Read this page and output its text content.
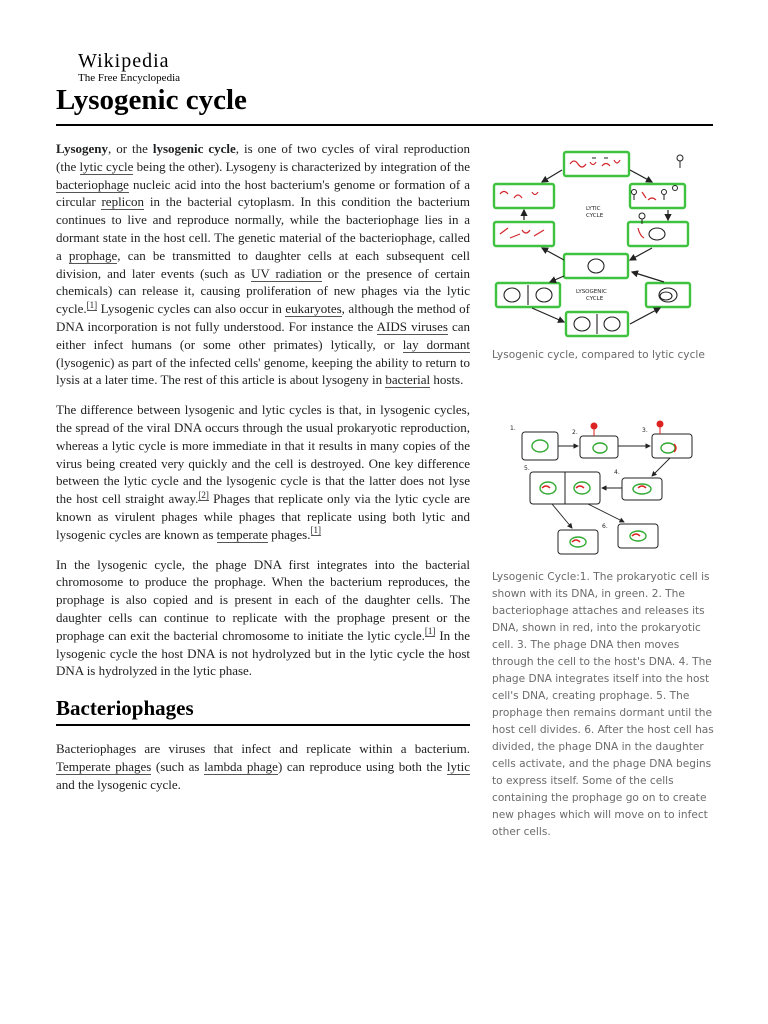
Wikipedia
The Free Encyclopedia
Lysogenic cycle

Lysogeny, or the lysogenic cycle, is one of two cycles of viral reproduction (the lytic cycle being the other). Lysogeny is characterized by integration of the bacteriophage nucleic acid into the host bacterium's genome or formation of a circular replicon in the bacterial cytoplasm. In this condition the bacterium continues to live and reproduce normally, while the bacteriophage lies in a dormant state in the host cell. The genetic material of the bacteriophage, called a prophage, can be transmitted to daughter cells at each subsequent cell division, and later events (such as UV radiation or the presence of certain chemicals) can release it, causing proliferation of new phages via the lytic cycle.[1] Lysogenic cycles can also occur in eukaryotes, although the method of DNA incorporation is not fully understood. For instance the AIDS viruses can either infect humans (or some other primates) lytically, or lay dormant (lysogenic) as part of the infected cells' genome, keeping the ability to return to lysis at a later time. The rest of this article is about lysogeny in bacterial hosts.

The difference between lysogenic and lytic cycles is that, in lysogenic cycles, the spread of the viral DNA occurs through the usual prokaryotic reproduction, whereas a lytic cycle is more immediate in that it results in many copies of the virus being created very quickly and the cell is destroyed. One key difference between the lytic cycle and the lysogenic cycle is that the latter does not lyse the host cell straight away.[2] Phages that replicate only via the lytic cycle are known as virulent phages while phages that replicate using both lytic and lysogenic cycles are known as temperate phages.[1]

In the lysogenic cycle, the phage DNA first integrates into the bacterial chromosome to produce the prophage. When the bacterium reproduces, the prophage is also copied and is present in each of the daughter cells. The daughter cells can continue to replicate with the prophage present or the prophage can exit the bacterial chromosome to initiate the lytic cycle.[1] In the lysogenic cycle the host DNA is not hydrolyzed but in the lytic cycle the host DNA is hydrolyzed in the lytic phase.

Bacteriophages

Bacteriophages are viruses that infect and replicate within a bacterium. Temperate phages (such as lambda phage) can reproduce using both the lytic and the lysogenic cycle.

LYTIC
CYCLE
LYSOGENIC
CYCLE
Lysogenic cycle, compared to lytic cycle
1.
2.	3.
4.
5.
6.
Lysogenic Cycle:1. The prokaryotic cell is shown with its DNA, in green. 2. The bacteriophage attaches and releases its DNA, shown in red, into the prokaryotic cell. 3. The phage DNA then moves through the cell to the host's DNA. 4. The phage DNA integrates itself into the host cell's DNA, creating prophage. 5. The prophage then remains dormant until the host cell divides. 6. After the host cell has divided, the phage DNA in the daughter cells activate, and the phage DNA begins to express itself. Some of the cells containing the prophage go on to create new phages which will move on to infect other cells.
